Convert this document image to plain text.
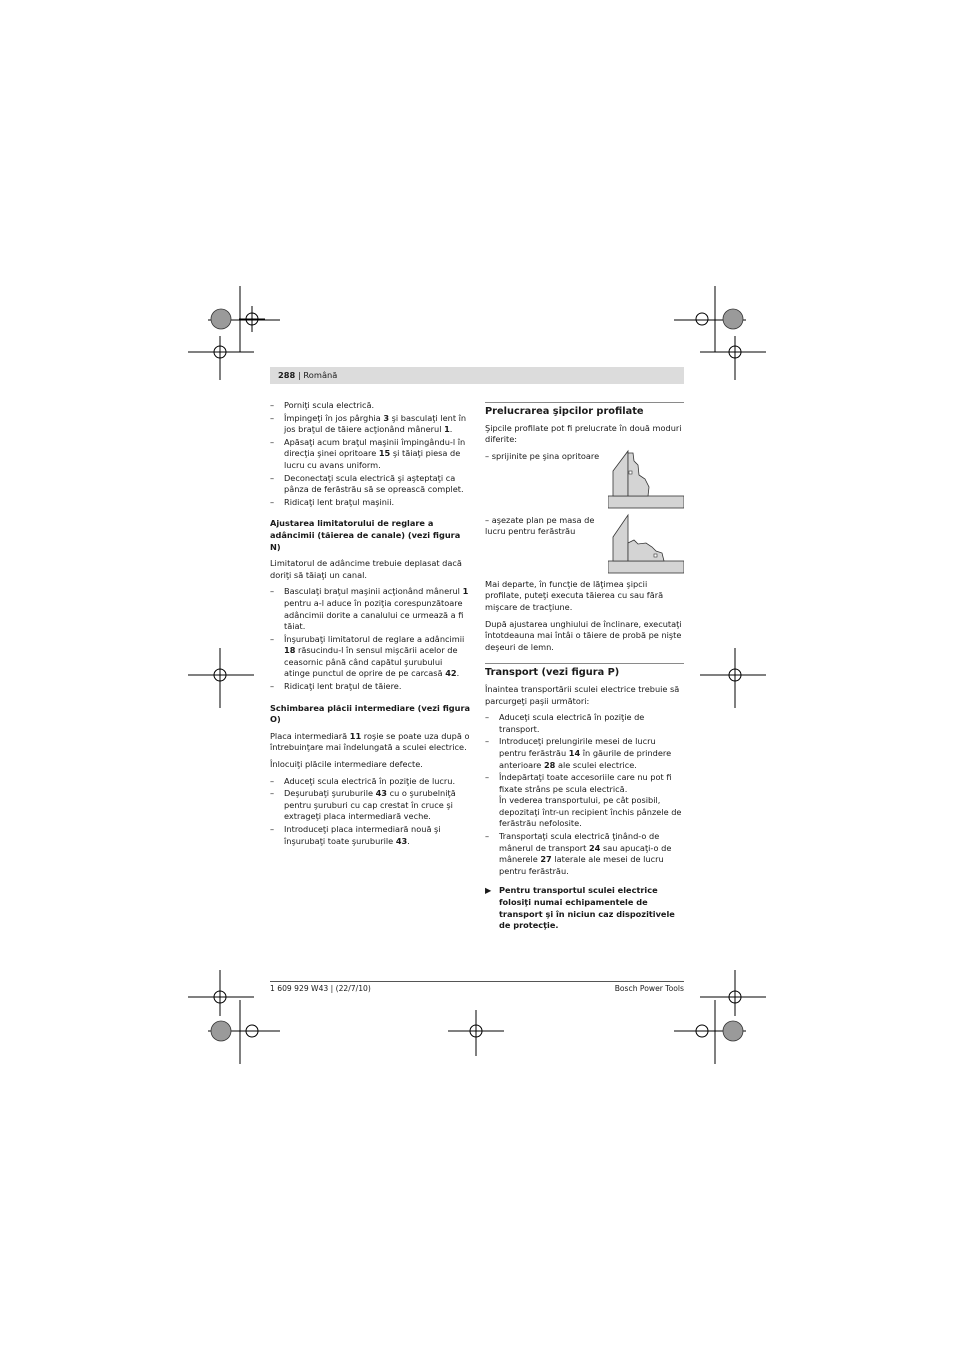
288 | Română
– Porniţi scula electrică.
– Împingeţi în jos pârghia 3 şi basculaţi lent în jos braţul de tăiere acţionând mânerul 1.
– Apăsaţi acum braţul maşinii împingându-l în direcţia şinei opritoare 15 şi tăiaţi piesa de lucru cu avans uniform.
– Deconectaţi scula electrică şi aşteptaţi ca pânza de ferăstrău să se oprească complet.
– Ridicaţi lent braţul maşinii.

Ajustarea limitatorului de reglare a adâncimii (tăierea de canale) (vezi figura N)

Limitatorul de adâncime trebuie deplasat dacă doriţi să tăiaţi un canal.

– Basculaţi braţul maşinii acţionând mânerul 1 pentru a-l aduce în poziţia corespunzătoare adâncimii dorite a canalului ce urmează a fi tăiat.
– Înşurubaţi limitatorul de reglare a adâncimii 18 răsucindu-l în sensul mişcării acelor de ceasornic până când capătul şurubului atinge punctul de oprire de pe carcasă 42.
– Ridicaţi lent braţul de tăiere.

Schimbarea plăcii intermediare (vezi figura O)

Placa intermediară 11 roşie se poate uza după o întrebuinţare mai îndelungată a sculei electrice.

Înlocuiţi plăcile intermediare defecte.

– Aduceţi scula electrică în poziţie de lucru.
– Deşurubaţi şuruburile 43 cu o şurubelniţă pentru şuruburi cu cap crestat în cruce şi extrageţi placa intermediară veche.
– Introduceţi placa intermediară nouă şi înşurubaţi toate şuruburile 43.
Prelucrarea şipcilor profilate

Şipcile profilate pot fi prelucrate în două moduri diferite:

– sprijinite pe şina opritoare
– aşezate plan pe masa de lucru pentru ferăstrău

Mai departe, în funcţie de lăţimea şipcii profilate, puteţi executa tăierea cu sau fără mişcare de tracţiune.

După ajustarea unghiului de înclinare, executaţi întotdeauna mai întâi o tăiere de probă pe nişte deşeuri de lemn.

Transport (vezi figura P)

Înaintea transportării sculei electrice trebuie să parcurgeţi paşii următori:

– Aduceţi scula electrică în poziţie de transport.
– Introduceţi prelungirile mesei de lucru pentru ferăstrău 14 în găurile de prindere anterioare 28 ale sculei electrice.
– Îndepărtaţi toate accesoriile care nu pot fi fixate strâns pe scula electrică.
În vederea transportului, pe cât posibil, depozitaţi într-un recipient închis pânzele de ferăstrău nefolosite.
– Transportaţi scula electrică ţinând-o de mânerul de transport 24 sau apucaţi-o de mânerele 27 laterale ale mesei de lucru pentru ferăstrău.
▶ Pentru transportul sculei electrice folosiţi numai echipamentele de transport şi în niciun caz dispozitivele de protecţie.
1 609 929 W43 | (22/7/10)	Bosch Power Tools
